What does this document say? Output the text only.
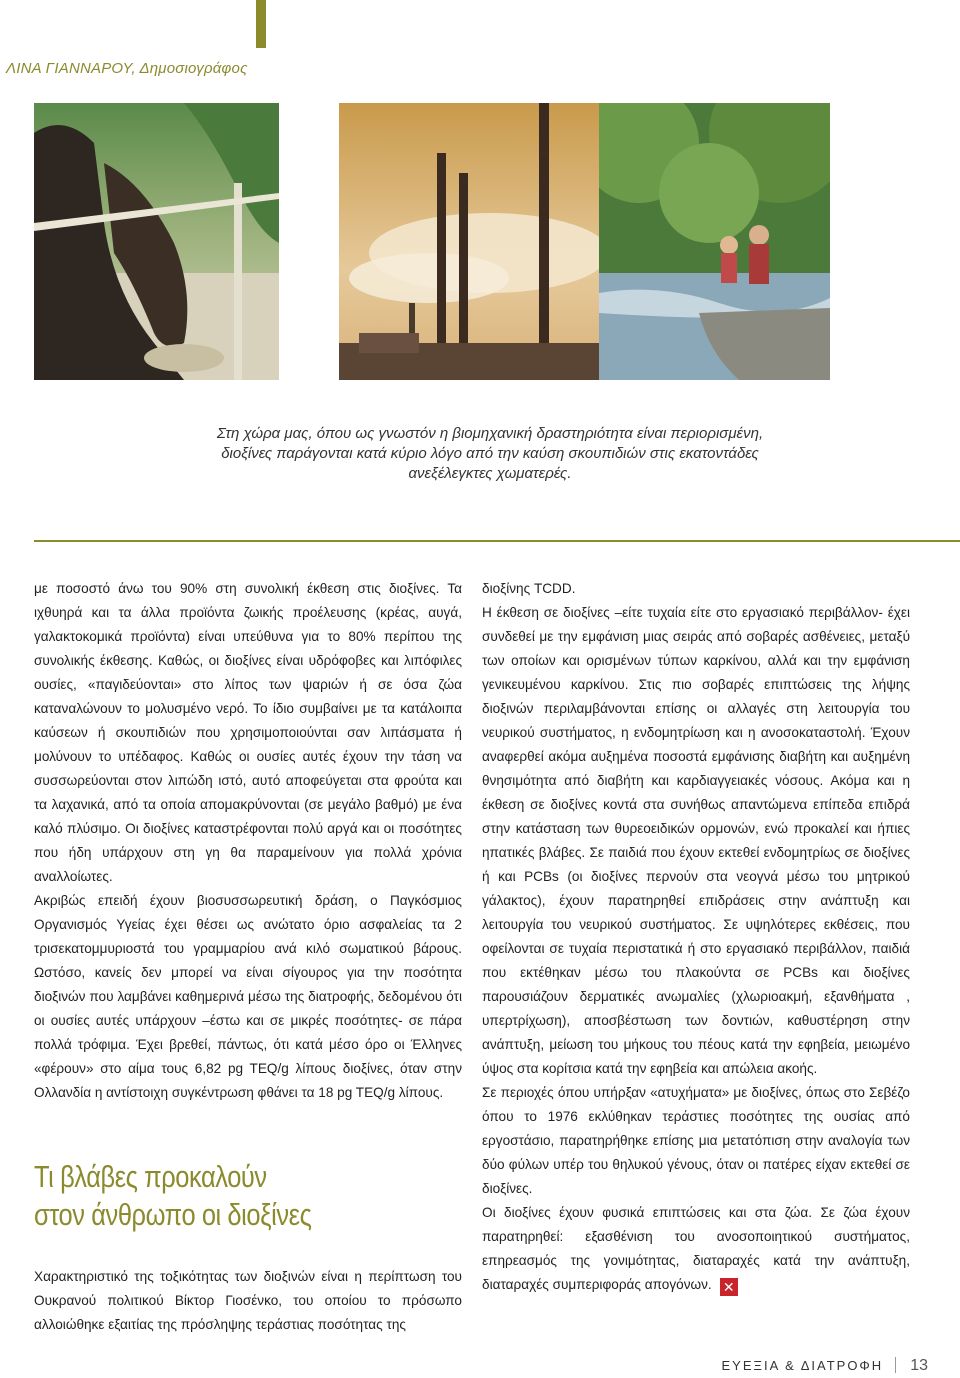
ΛΙΝΑ ΓΙΑΝΝΑΡΟΥ, Δημοσιογράφος
Στη χώρα μας, όπου ως γνωστόν η βιομηχανική δραστηριότητα είναι περιορισμένη, διοξίνες παράγονται κατά κύριο λόγο από την καύση σκουπιδιών στις εκατοντάδες ανεξέλεγκτες χωματερές.

με ποσοστό άνω του 90% στη συνολική έκθεση στις διοξίνες. Τα ιχθυηρά και τα άλλα προϊόντα ζωικής προέλευσης (κρέας, αυγά, γαλακτοκομικά προϊόντα) είναι υπεύθυνα για το 80% περίπου της συνολικής έκθεσης. Καθώς, οι διοξίνες είναι υδρόφοβες και λιπόφιλες ουσίες, «παγιδεύονται» στο λίπος των ψαριών ή σε όσα ζώα καταναλώνουν το μολυσμένο νερό. Το ίδιο συμβαίνει με τα κατάλοιπα καύσεων ή σκουπιδιών που χρησιμοποιούνται σαν λιπάσματα ή μολύνουν το υπέδαφος. Καθώς οι ουσίες αυτές έχουν την τάση να συσσωρεύονται στον λιπώδη ιστό, αυτό αποφεύγεται στα φρούτα και τα λαχανικά, από τα οποία απομακρύνονται (σε μεγάλο βαθμό) με ένα καλό πλύσιμο. Οι διοξίνες καταστρέφονται πολύ αργά και οι ποσότητες που ήδη υπάρχουν στη γη θα παραμείνουν για πολλά χρόνια αναλλοίωτες.

Ακριβώς επειδή έχουν βιοσυσσωρευτική δράση, ο Παγκόσμιος Οργανισμός Υγείας έχει θέσει ως ανώτατο όριο ασφαλείας τα 2 τρισεκατομμυριοστά του γραμμαρίου ανά κιλό σωματικού βάρους. Ωστόσο, κανείς δεν μπορεί να είναι σίγουρος για την ποσότητα διοξινών που λαμβάνει καθημερινά μέσω της διατροφής, δεδομένου ότι οι ουσίες αυτές υπάρχουν –έστω και σε μικρές ποσότητες- σε πάρα πολλά τρόφιμα. Έχει βρεθεί, πάντως, ότι κατά μέσο όρο οι Έλληνες «φέρουν» στο αίμα τους 6,82 pg TEQ/g λίπους διοξίνες, όταν στην Ολλανδία η αντίστοιχη συγκέντρωση φθάνει τα 18 pg TEQ/g λίπους.

Τι βλάβες προκαλούν
στον άνθρωπο οι διοξίνες

Χαρακτηριστικό της τοξικότητας των διοξινών είναι η περίπτωση του Ουκρανού πολιτικού Βίκτορ Γιοσένκο, του οποίου το πρόσωπο αλλοιώθηκε εξαιτίας της πρόσληψης τεράστιας ποσότητας της

διοξίνης TCDD.

Η έκθεση σε διοξίνες –είτε τυχαία είτε στο εργασιακό περιβάλλον- έχει συνδεθεί με την εμφάνιση μιας σειράς από σοβαρές ασθένειες, μεταξύ των οποίων και ορισμένων τύπων καρκίνου, αλλά και την εμφάνιση γενικευμένου καρκίνου. Στις πιο σοβαρές επιπτώσεις της λήψης διοξινών περιλαμβάνονται επίσης οι αλλαγές στη λειτουργία του νευρικού συστήματος, η ενδομητρίωση και η ανοσοκαταστολή. Έχουν αναφερθεί ακόμα αυξημένα ποσοστά εμφάνισης διαβήτη και αυξημένη θνησιμότητα από διαβήτη και καρδιαγγειακές νόσους. Ακόμα και η έκθεση σε διοξίνες κοντά στα συνήθως απαντώμενα επίπεδα επιδρά στην κατάσταση των θυρεοειδικών ορμονών, ενώ προκαλεί και ήπιες ηπατικές βλάβες. Σε παιδιά που έχουν εκτεθεί ενδομητρίως σε διοξίνες ή και PCBs (οι διοξίνες περνούν στα νεογνά μέσω του μητρικού γάλακτος), έχουν παρατηρηθεί επιδράσεις στην ανάπτυξη και λειτουργία του νευρικού συστήματος. Σε υψηλότερες εκθέσεις, που οφείλονται σε τυχαία περιστατικά ή στο εργασιακό περιβάλλον, παιδιά που εκτέθηκαν μέσω του πλακούντα σε PCBs και διοξίνες παρουσιάζουν δερματικές ανωμαλίες (χλωριοακμή, εξανθήματα , υπερτρίχωση), αποσβέστωση των δοντιών, καθυστέρηση στην ανάπτυξη, μείωση του μήκους του πέους κατά την εφηβεία, μειωμένο ύψος στα κορίτσια κατά την εφηβεία και απώλεια ακοής.

Σε περιοχές όπου υπήρξαν «ατυχήματα» με διοξίνες, όπως στο Σεβέζο όπου το 1976 εκλύθηκαν τεράστιες ποσότητες της ουσίας από εργοστάσιο, παρατηρήθηκε επίσης μια μετατόπιση στην αναλογία των δύο φύλων υπέρ του θηλυκού γένους, όταν οι πατέρες είχαν εκτεθεί σε διοξίνες.

Οι διοξίνες έχουν φυσικά επιπτώσεις και στα ζώα. Σε ζώα έχουν παρατηρηθεί: εξασθένιση του ανοσοποιητικού συστήματος, επηρεασμός της γονιμότητας, διαταραχές κατά την ανάπτυξη, διαταραχές συμπεριφοράς απογόνων. ✕

ΕΥΕΞΙΑ & ΔΙΑΤΡΟΦΗ 13
